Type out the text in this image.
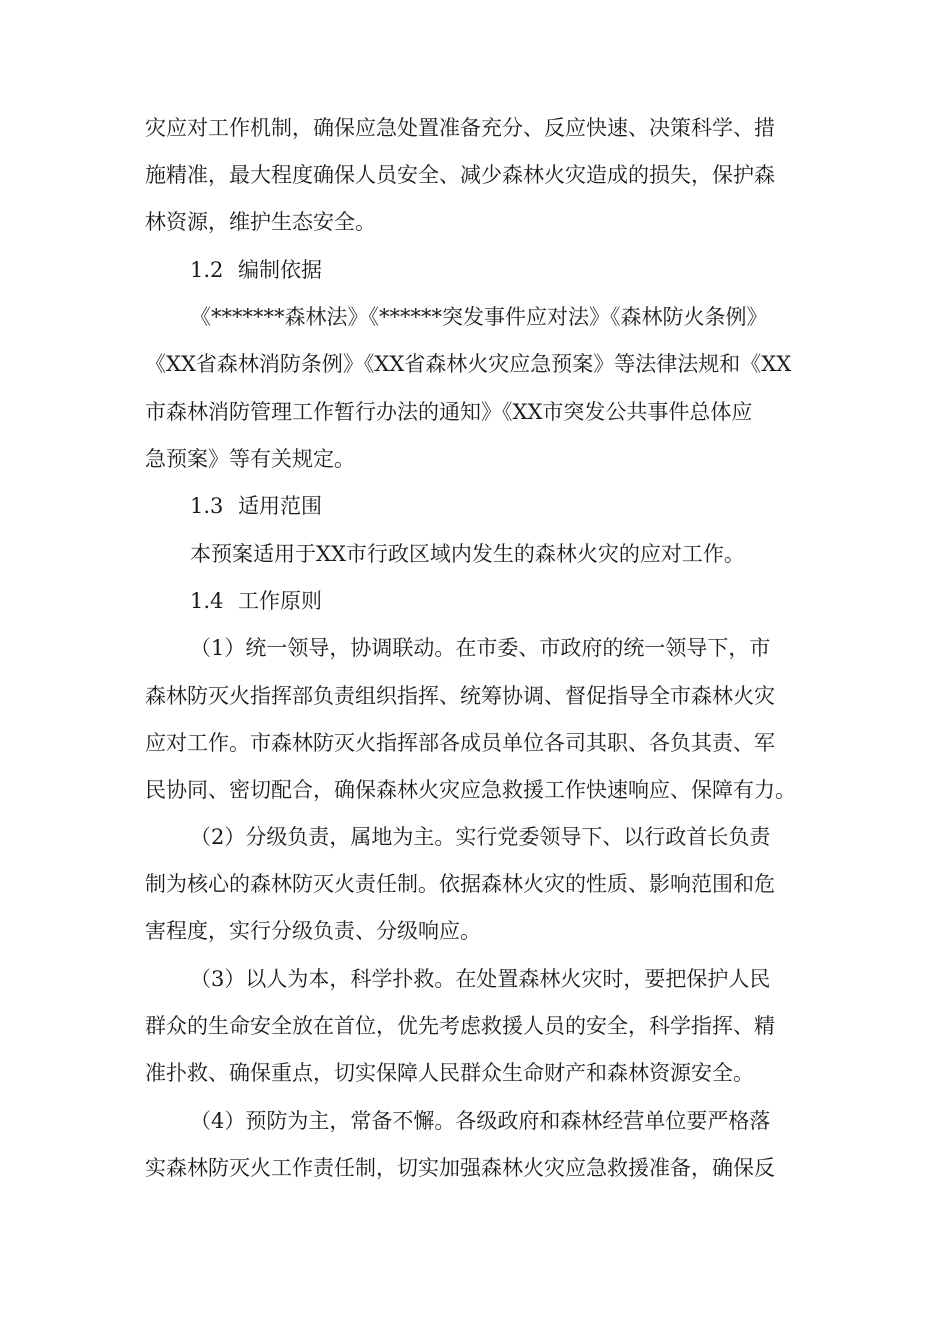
灾应对工作机制，确保应急处置准备充分、反应快速、决策科学、措
施精准，最大程度确保人员安全、减少森林火灾造成的损失，保护森
林资源，维护生态安全。
1.2 编制依据
《*******森林法》《******突发事件应对法》《森林防火条例》
《XX省森林消防条例》《XX省森林火灾应急预案》等法律法规和《XX
市森林消防管理工作暂行办法的通知》《XX市突发公共事件总体应
急预案》等有关规定。
1.3 适用范围
本预案适用于XX市行政区域内发生的森林火灾的应对工作。
1.4 工作原则
（1）统一领导，协调联动。在市委、市政府的统一领导下，市
森林防灭火指挥部负责组织指挥、统筹协调、督促指导全市森林火灾
应对工作。市森林防灭火指挥部各成员单位各司其职、各负其责、军
民协同、密切配合，确保森林火灾应急救援工作快速响应、保障有力。
（2）分级负责，属地为主。实行党委领导下、以行政首长负责
制为核心的森林防灭火责任制。依据森林火灾的性质、影响范围和危
害程度，实行分级负责、分级响应。
（3）以人为本，科学扑救。在处置森林火灾时，要把保护人民
群众的生命安全放在首位，优先考虑救援人员的安全，科学指挥、精
准扑救、确保重点，切实保障人民群众生命财产和森林资源安全。
（4）预防为主，常备不懈。各级政府和森林经营单位要严格落
实森林防灭火工作责任制，切实加强森林火灾应急救援准备，确保反
